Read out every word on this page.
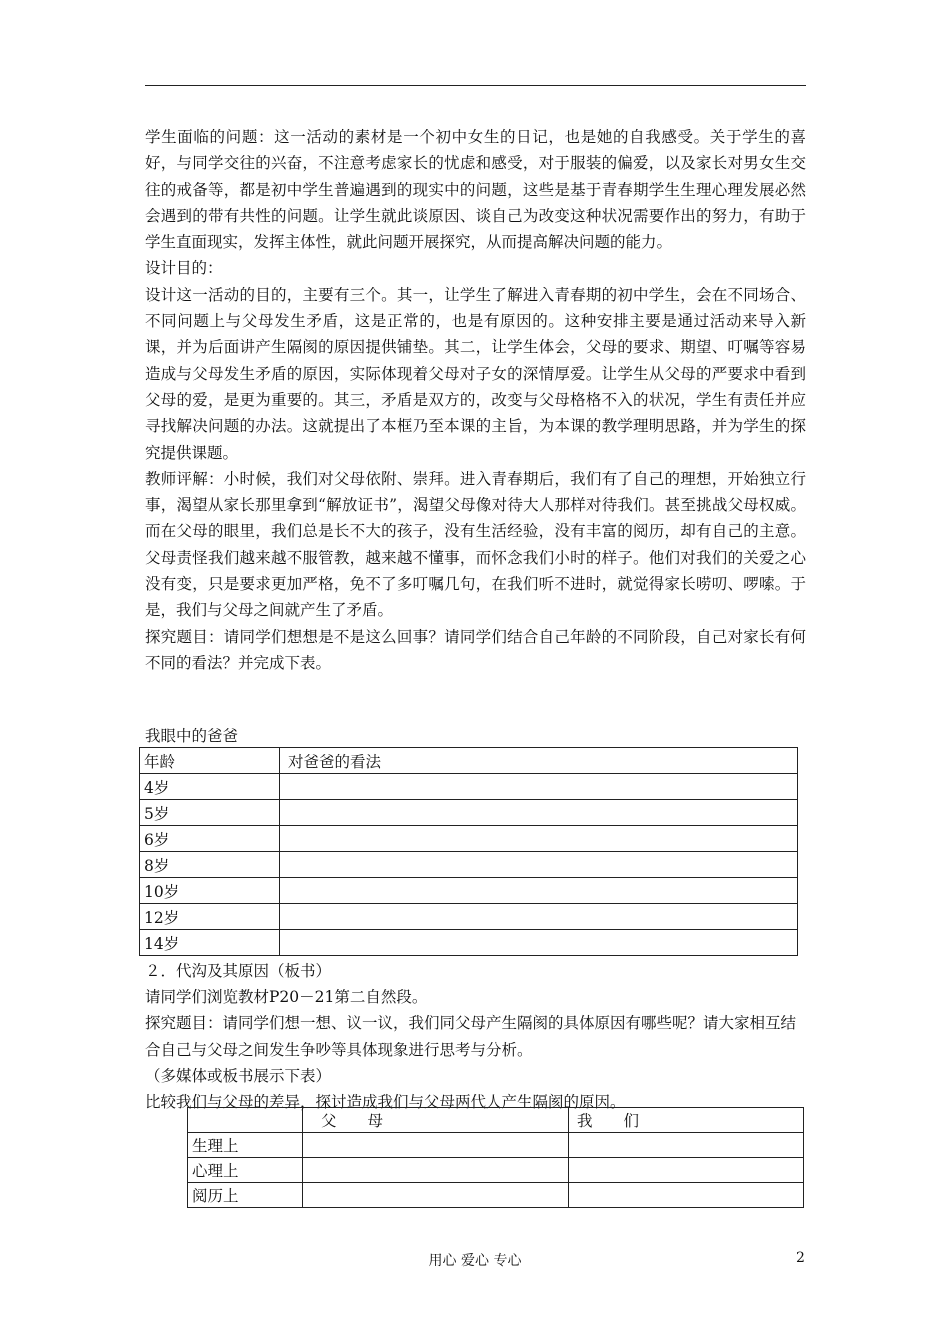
学生面临的问题：这一活动的素材是一个初中女生的日记，也是她的自我感受。关于学生的喜好，与同学交往的兴奋，不注意考虑家长的忧虑和感受，对于服装的偏爱，以及家长对男女生交往的戒备等，都是初中学生普遍遇到的现实中的问题，这些是基于青春期学生生理心理发展必然会遇到的带有共性的问题。让学生就此谈原因、谈自己为改变这种状况需要作出的努力，有助于学生直面现实，发挥主体性，就此问题开展探究，从而提高解决问题的能力。

设计目的：

设计这一活动的目的，主要有三个。其一，让学生了解进入青春期的初中学生，会在不同场合、不同问题上与父母发生矛盾，这是正常的，也是有原因的。这种安排主要是通过活动来导入新课，并为后面讲产生隔阂的原因提供铺垫。其二，让学生体会，父母的要求、期望、叮嘱等容易造成与父母发生矛盾的原因，实际体现着父母对子女的深情厚爱。让学生从父母的严要求中看到父母的爱，是更为重要的。其三，矛盾是双方的，改变与父母格格不入的状况，学生有责任并应寻找解决问题的办法。这就提出了本框乃至本课的主旨，为本课的教学理明思路，并为学生的探究提供课题。

教师评解：小时候，我们对父母依附、崇拜。进入青春期后，我们有了自己的理想，开始独立行事，渴望从家长那里拿到“解放证书”，渴望父母像对待大人那样对待我们。甚至挑战父母权威。而在父母的眼里，我们总是长不大的孩子，没有生活经验，没有丰富的阅历，却有自己的主意。父母责怪我们越来越不服管教，越来越不懂事，而怀念我们小时的样子。他们对我们的关爱之心没有变，只是要求更加严格，免不了多叮嘱几句，在我们听不进时，就觉得家长唠叨、啰嗦。于是，我们与父母之间就产生了矛盾。

探究题目：请同学们想想是不是这么回事？请同学们结合自己年龄的不同阶段，自己对家长有何不同的看法？并完成下表。

我眼中的爸爸
年龄	对爸爸的看法
4岁	
5岁	
6岁	
8岁	
10岁	
12岁	
14岁	

２．代沟及其原因（板书）

请同学们浏览教材P20－21第二自然段。

探究题目：请同学们想一想、议一议，我们同父母产生隔阂的具体原因有哪些呢？请大家相互结合自己与父母之间发生争吵等具体现象进行思考与分析。

（多媒体或板书展示下表）

比较我们与父母的差异，探讨造成我们与父母两代人产生隔阂的原因。

	父　　母	我　　们
生理上		
心理上		
阅历上		
用心 爱心 专心	2
